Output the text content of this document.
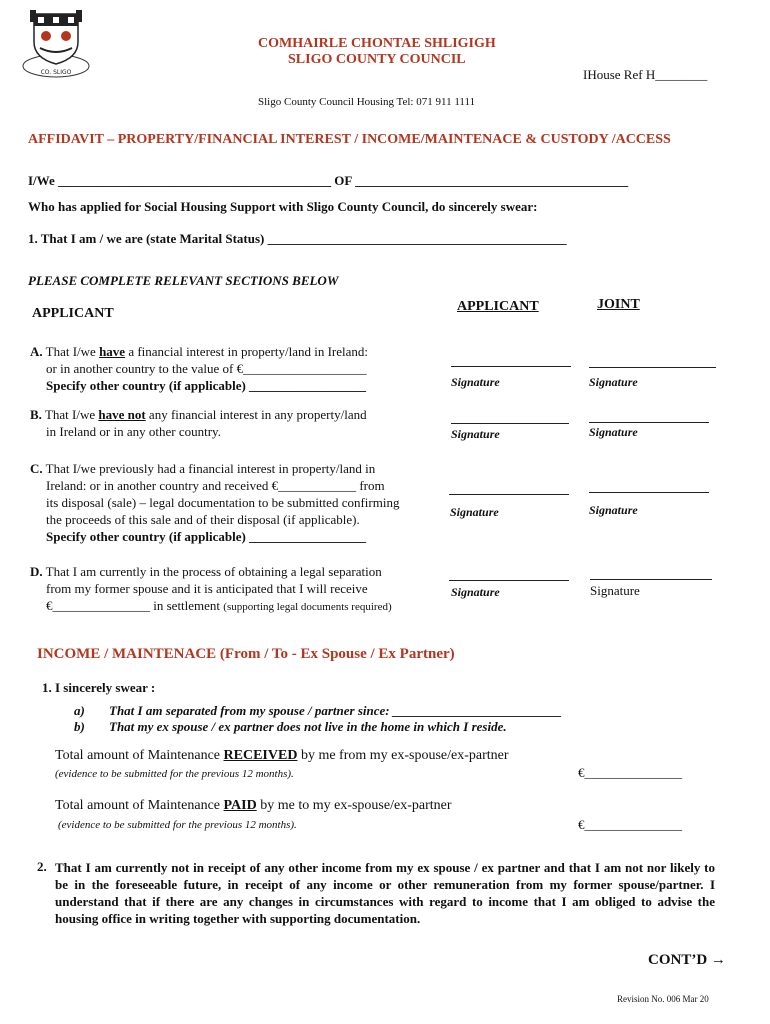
CO. SLIGO
COMHAIRLE CHONTAE SHLIGIGH
SLIGO COUNTY COUNCIL
IHouse Ref H________
Sligo County Council Housing Tel: 071 911 1111
AFFIDAVIT – PROPERTY/FINANCIAL INTEREST / INCOME/MAINTENACE & CUSTODY /ACCESS
I/We __________________________________________ OF __________________________________________
Who has applied for Social Housing Support with Sligo County Council, do sincerely swear:
1. That I am / we are (state Marital Status) ______________________________________________
PLEASE COMPLETE RELEVANT SECTIONS BELOW
APPLICANT	APPLICANT	JOINT
A. That I/we have a financial interest in property/land in Ireland:
or in another country to the value of €___________________
Specify other country (if applicable) __________________	Signature	Signature
B. That I/we have not any financial interest in any property/land
in Ireland or in any other country.	Signature	Signature
C. That I/we previously had a financial interest in property/land in
Ireland: or in another country and received €____________ from
its disposal (sale) – legal documentation to be submitted confirming
the proceeds of this sale and of their disposal (if applicable).
Specify other country (if applicable) __________________
Signature	Signature
D. That I am currently in the process of obtaining a legal separation
from my former spouse and it is anticipated that I will receive
€_______________ in settlement (supporting legal documents required)
Signature	Signature
INCOME / MAINTENACE (From / To - Ex Spouse / Ex Partner)
1. I sincerely swear :
a) That I am separated from my spouse / partner since: __________________________
b) That my ex spouse / ex partner does not live in the home in which I reside.
Total amount of Maintenance RECEIVED by me from my ex-spouse/ex-partner
(evidence to be submitted for the previous 12 months).	€_______________
Total amount of Maintenance PAID by me to my ex-spouse/ex-partner
(evidence to be submitted for the previous 12 months).	€_______________
2. That I am currently not in receipt of any other income from my ex spouse / ex partner and that I am not nor likely to be in the foreseeable future, in receipt of any income or other remuneration from my former spouse/partner. I understand that if there are any changes in circumstances with regard to income that I am obliged to advise the housing office in writing together with supporting documentation.
CONT’D →
Revision No. 006 Mar 20
